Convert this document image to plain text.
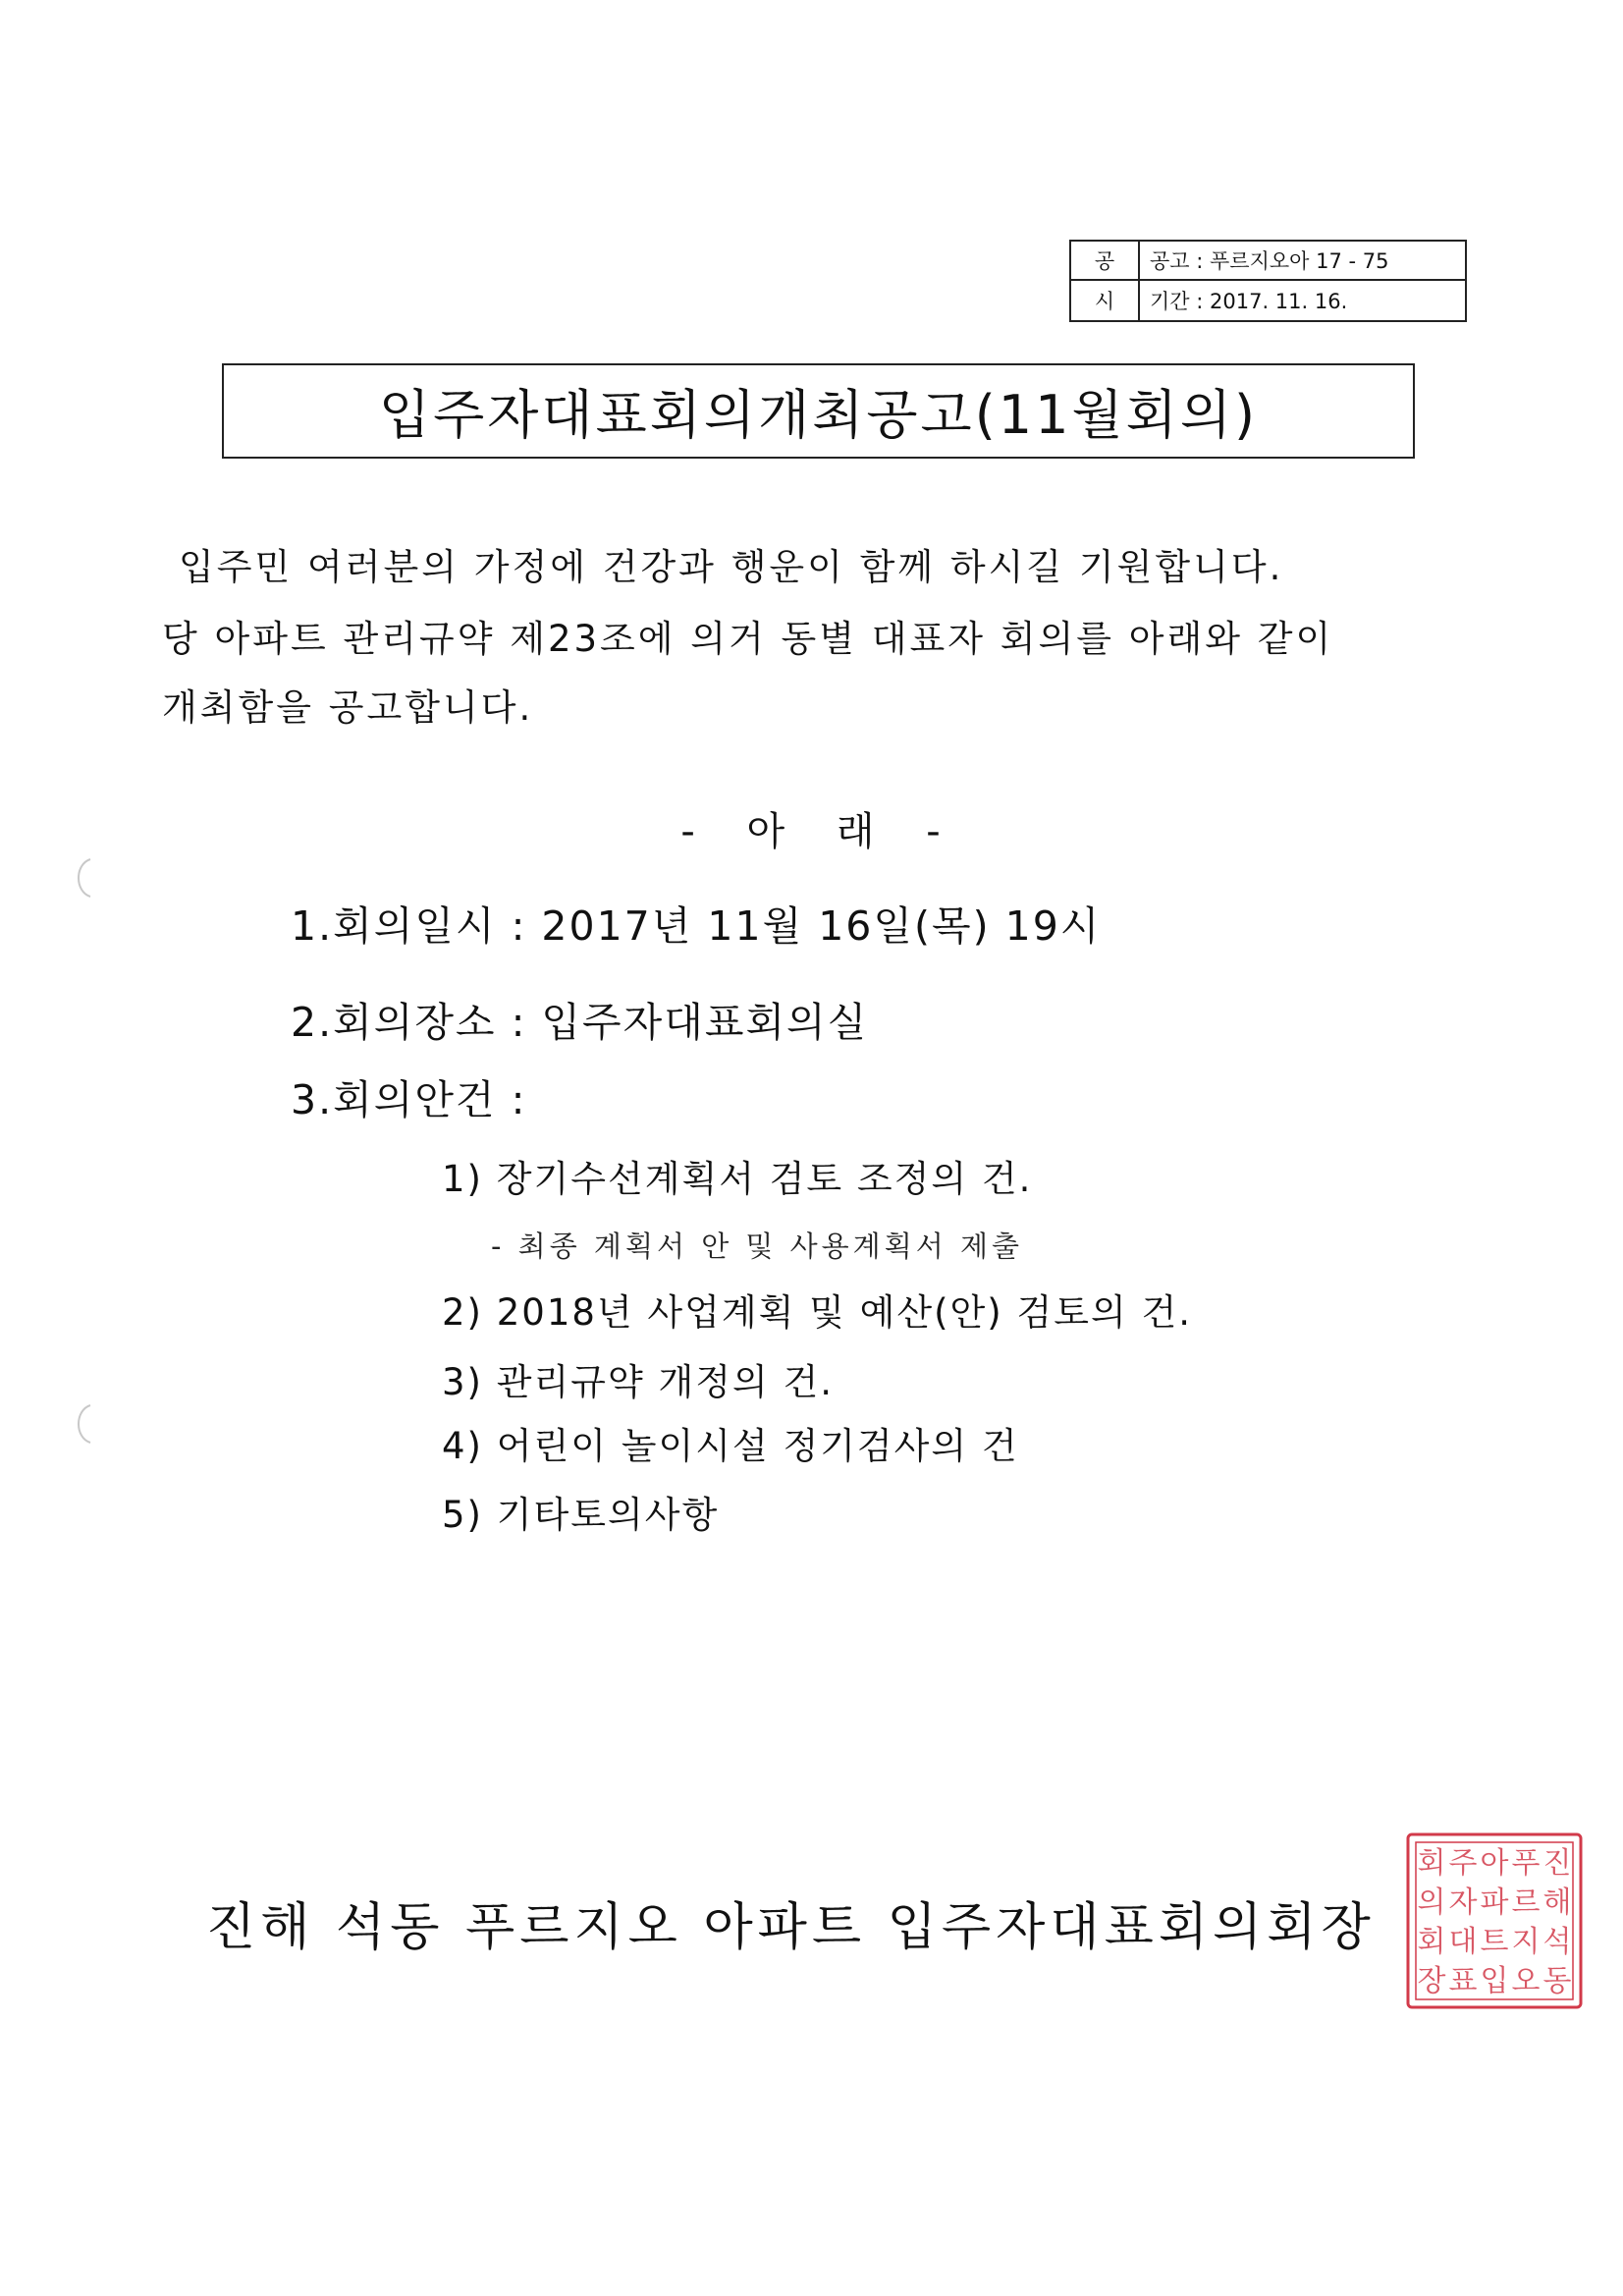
공	공고 : 푸르지오아 17 - 75
시	기간 : 2017. 11. 16.
입주자대표회의개최공고(11월회의)
입주민 여러분의 가정에 건강과 행운이 함께 하시길 기원합니다.
당 아파트 관리규약 제23조에 의거 동별 대표자 회의를 아래와 같이
개최함을 공고합니다.
- 아 래 -
1.회의일시 : 2017년 11월 16일(목) 19시
2.회의장소 : 입주자대표회의실
3.회의안건 :
1) 장기수선계획서 검토 조정의 건.
- 최종 계획서 안 및 사용계획서 제출
2) 2018년 사업계획 및 예산(안) 검토의 건.
3) 관리규약 개정의 건.
4) 어린이 놀이시설 정기검사의 건
5) 기타토의사항
진해 석동 푸르지오 아파트 입주자대표회의회장
진
해
석
동
푸
르
지
오
아
파
트
입
주
자
대
표
회
의
회
장
